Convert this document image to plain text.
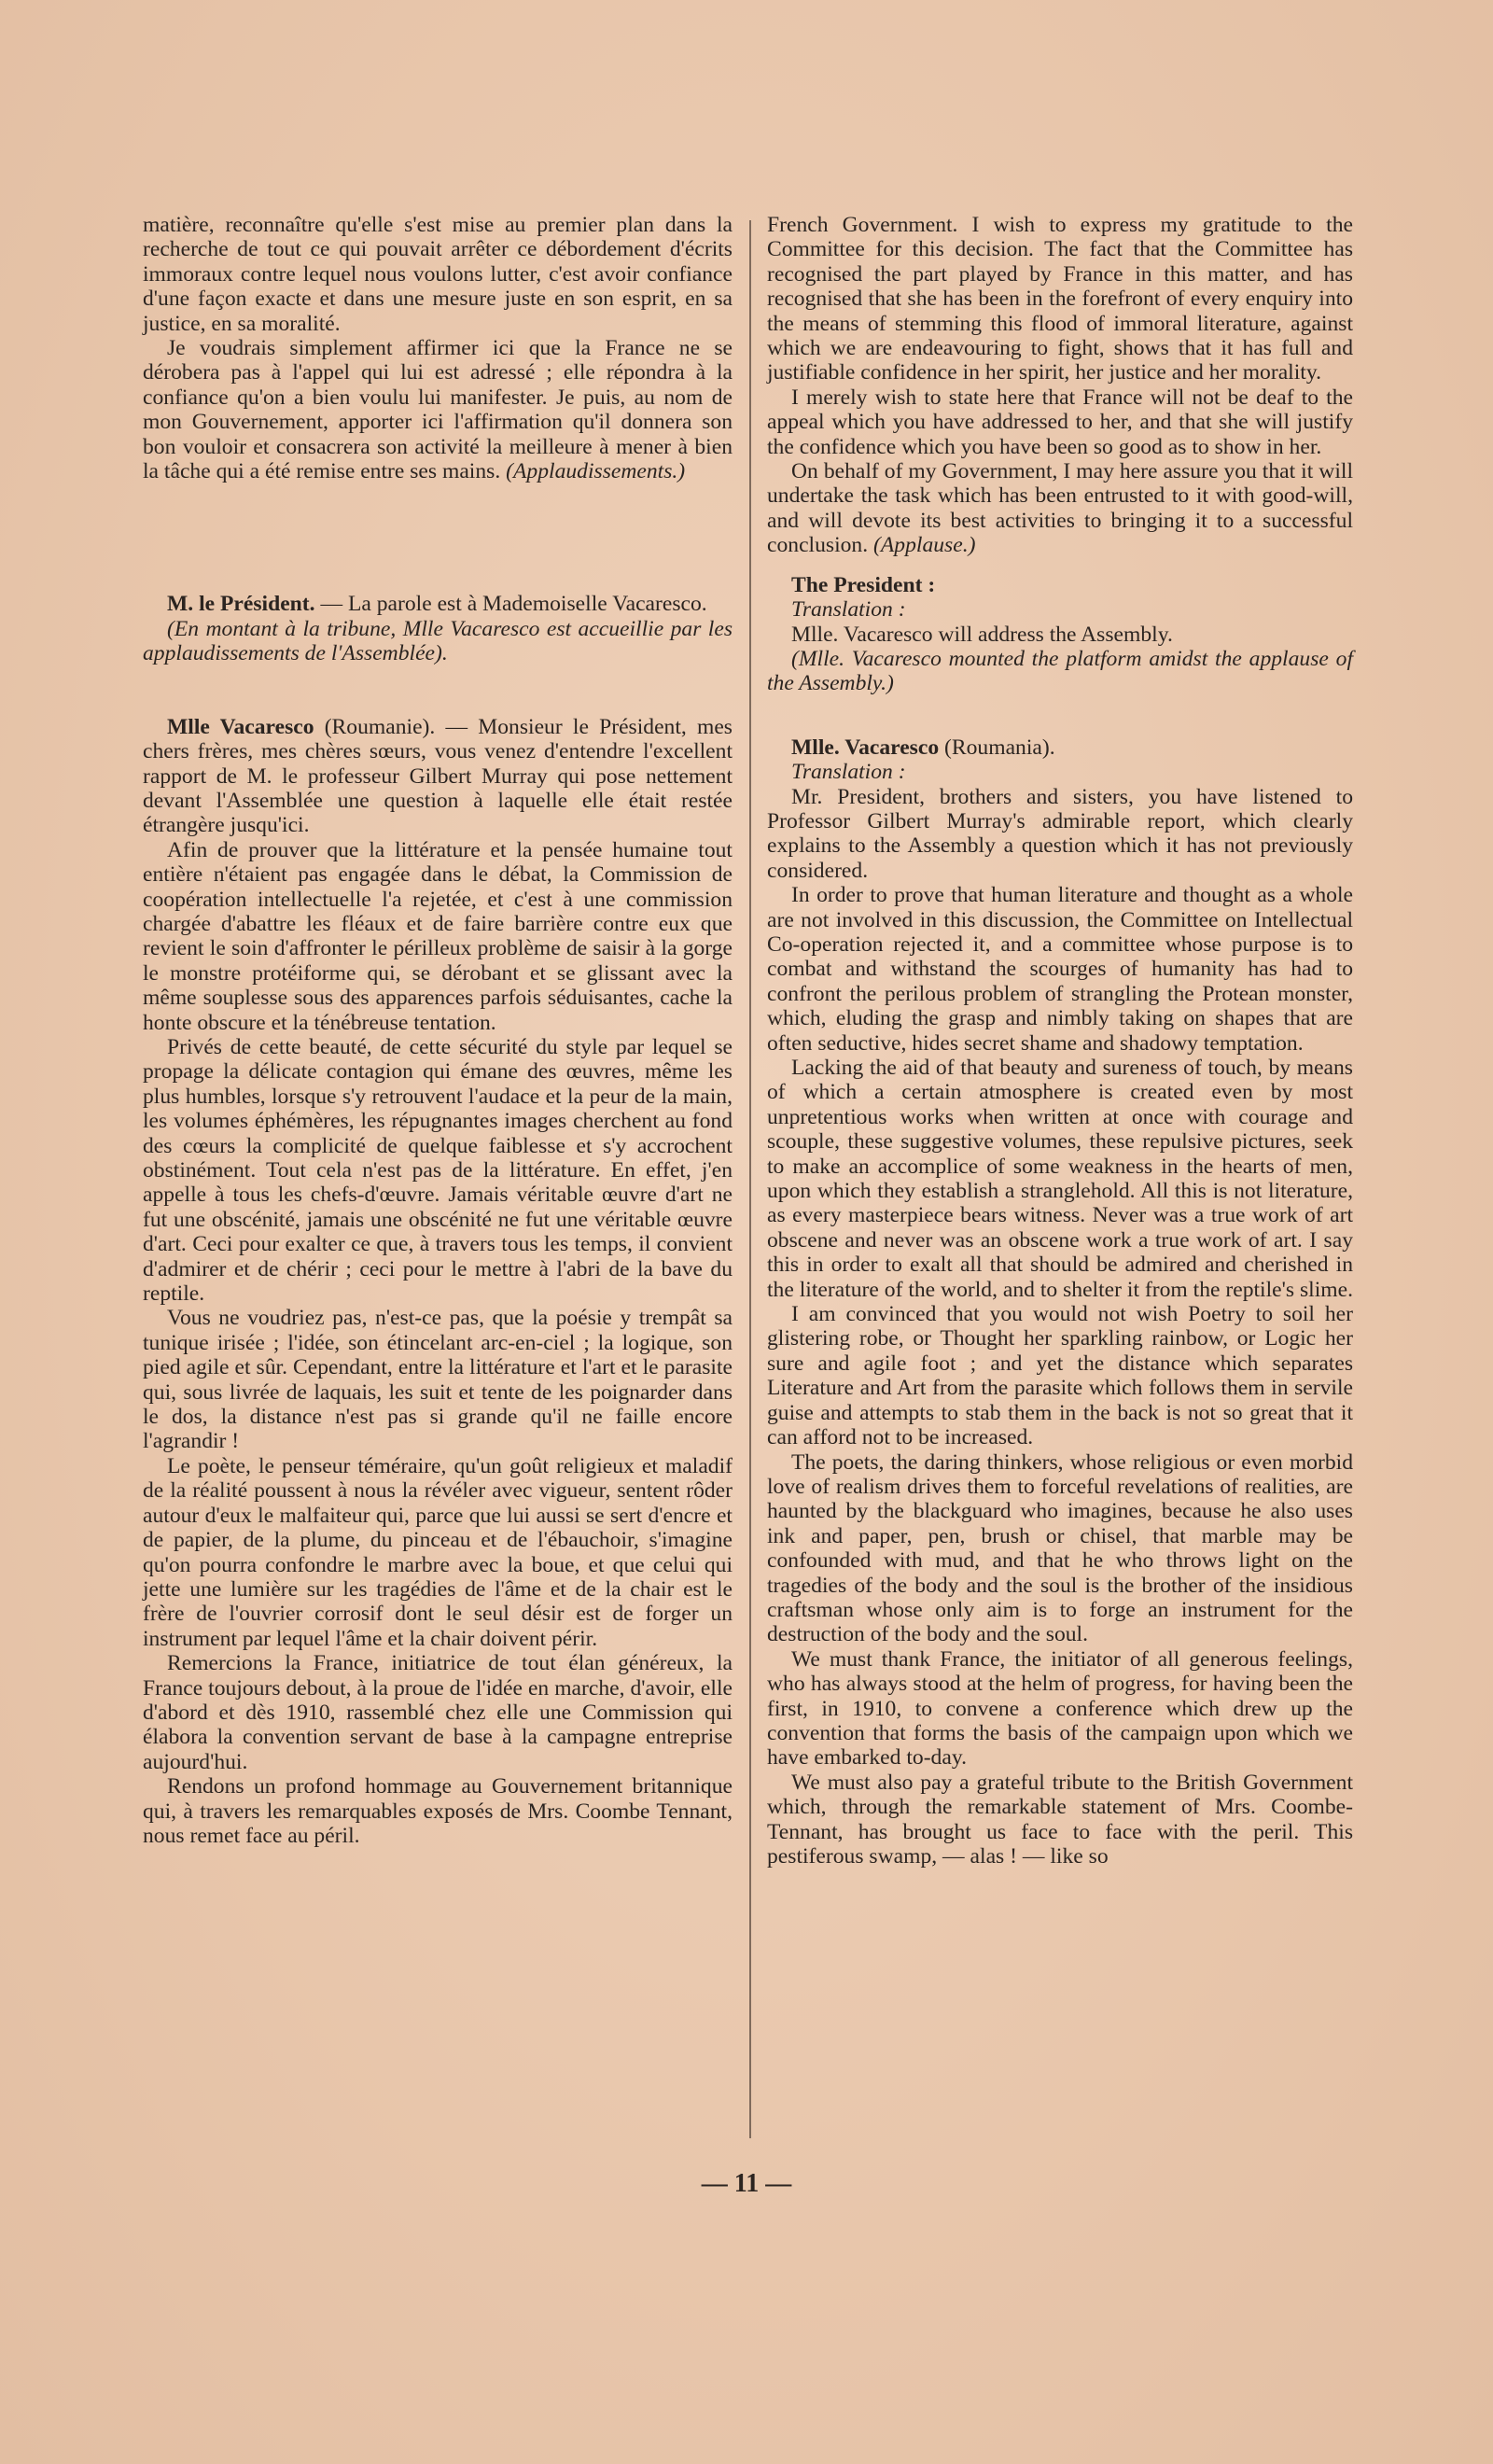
matière, reconnaître qu'elle s'est mise au premier plan dans la recherche de tout ce qui pouvait arrêter ce débordement d'écrits immoraux contre lequel nous voulons lutter, c'est avoir confiance d'une façon exacte et dans une mesure juste en son esprit, en sa justice, en sa moralité.

Je voudrais simplement affirmer ici que la France ne se dérobera pas à l'appel qui lui est adressé ; elle répondra à la confiance qu'on a bien voulu lui manifester. Je puis, au nom de mon Gouvernement, apporter ici l'affirmation qu'il donnera son bon vouloir et consacrera son activité la meilleure à mener à bien la tâche qui a été remise entre ses mains. (Applaudissements.)

M. le Président. — La parole est à Mademoiselle Vacaresco.

(En montant à la tribune, Mlle Vacaresco est accueillie par les applaudissements de l'Assemblée).

Mlle Vacaresco (Roumanie). — Monsieur le Président, mes chers frères, mes chères sœurs, vous venez d'entendre l'excellent rapport de M. le professeur Gilbert Murray qui pose nettement devant l'Assemblée une question à laquelle elle était restée étrangère jusqu'ici.

Afin de prouver que la littérature et la pensée humaine tout entière n'étaient pas engagée dans le débat, la Commission de coopération intellectuelle l'a rejetée, et c'est à une commission chargée d'abattre les fléaux et de faire barrière contre eux que revient le soin d'affronter le périlleux problème de saisir à la gorge le monstre protéiforme qui, se dérobant et se glissant avec la même souplesse sous des apparences parfois séduisantes, cache la honte obscure et la ténébreuse tentation.

Privés de cette beauté, de cette sécurité du style par lequel se propage la délicate contagion qui émane des œuvres, même les plus humbles, lorsque s'y retrouvent l'audace et la peur de la main, les volumes éphémères, les répugnantes images cherchent au fond des cœurs la complicité de quelque faiblesse et s'y accrochent obstinément. Tout cela n'est pas de la littérature. En effet, j'en appelle à tous les chefs-d'œuvre. Jamais véritable œuvre d'art ne fut une obscénité, jamais une obscénité ne fut une véritable œuvre d'art. Ceci pour exalter ce que, à travers tous les temps, il convient d'admirer et de chérir ; ceci pour le mettre à l'abri de la bave du reptile.

Vous ne voudriez pas, n'est-ce pas, que la poésie y trempât sa tunique irisée ; l'idée, son étincelant arc-en-ciel ; la logique, son pied agile et sûr. Cependant, entre la littérature et l'art et le parasite qui, sous livrée de laquais, les suit et tente de les poignarder dans le dos, la distance n'est pas si grande qu'il ne faille encore l'agrandir !

Le poète, le penseur téméraire, qu'un goût religieux et maladif de la réalité poussent à nous la révéler avec vigueur, sentent rôder autour d'eux le malfaiteur qui, parce que lui aussi se sert d'encre et de papier, de la plume, du pinceau et de l'ébauchoir, s'imagine qu'on pourra confondre le marbre avec la boue, et que celui qui jette une lumière sur les tragédies de l'âme et de la chair est le frère de l'ouvrier corrosif dont le seul désir est de forger un instrument par lequel l'âme et la chair doivent périr.

Remercions la France, initiatrice de tout élan généreux, la France toujours debout, à la proue de l'idée en marche, d'avoir, elle d'abord et dès 1910, rassemblé chez elle une Commission qui élabora la convention servant de base à la campagne entreprise aujourd'hui.

Rendons un profond hommage au Gouvernement britannique qui, à travers les remarquables exposés de Mrs. Coombe Tennant, nous remet face au péril.

French Government. I wish to express my gratitude to the Committee for this decision. The fact that the Committee has recognised the part played by France in this matter, and has recognised that she has been in the forefront of every enquiry into the means of stemming this flood of immoral literature, against which we are endeavouring to fight, shows that it has full and justifiable confidence in her spirit, her justice and her morality.

I merely wish to state here that France will not be deaf to the appeal which you have addressed to her, and that she will justify the confidence which you have been so good as to show in her.

On behalf of my Government, I may here assure you that it will undertake the task which has been entrusted to it with good-will, and will devote its best activities to bringing it to a successful conclusion. (Applause.)

The President :

Translation :

Mlle. Vacaresco will address the Assembly.

(Mlle. Vacaresco mounted the platform amidst the applause of the Assembly.)

Mlle. Vacaresco (Roumania).

Translation :

Mr. President, brothers and sisters, you have listened to Professor Gilbert Murray's admirable report, which clearly explains to the Assembly a question which it has not previously considered.

In order to prove that human literature and thought as a whole are not involved in this discussion, the Committee on Intellectual Co-operation rejected it, and a committee whose purpose is to combat and withstand the scourges of humanity has had to confront the perilous problem of strangling the Protean monster, which, eluding the grasp and nimbly taking on shapes that are often seductive, hides secret shame and shadowy temptation.

Lacking the aid of that beauty and sureness of touch, by means of which a certain atmosphere is created even by most unpretentious works when written at once with courage and scouple, these suggestive volumes, these repulsive pictures, seek to make an accomplice of some weakness in the hearts of men, upon which they establish a stranglehold. All this is not literature, as every masterpiece bears witness. Never was a true work of art obscene and never was an obscene work a true work of art. I say this in order to exalt all that should be admired and cherished in the literature of the world, and to shelter it from the reptile's slime.

I am convinced that you would not wish Poetry to soil her glistering robe, or Thought her sparkling rainbow, or Logic her sure and agile foot ; and yet the distance which separates Literature and Art from the parasite which follows them in servile guise and attempts to stab them in the back is not so great that it can afford not to be increased.

The poets, the daring thinkers, whose religious or even morbid love of realism drives them to forceful revelations of realities, are haunted by the blackguard who imagines, because he also uses ink and paper, pen, brush or chisel, that marble may be confounded with mud, and that he who throws light on the tragedies of the body and the soul is the brother of the insidious craftsman whose only aim is to forge an instrument for the destruction of the body and the soul.

We must thank France, the initiator of all generous feelings, who has always stood at the helm of progress, for having been the first, in 1910, to convene a conference which drew up the convention that forms the basis of the campaign upon which we have embarked to-day.

We must also pay a grateful tribute to the British Government which, through the remarkable statement of Mrs. Coombe-Tennant, has brought us face to face with the peril. This pestiferous swamp, — alas ! — like so

— 11 —
